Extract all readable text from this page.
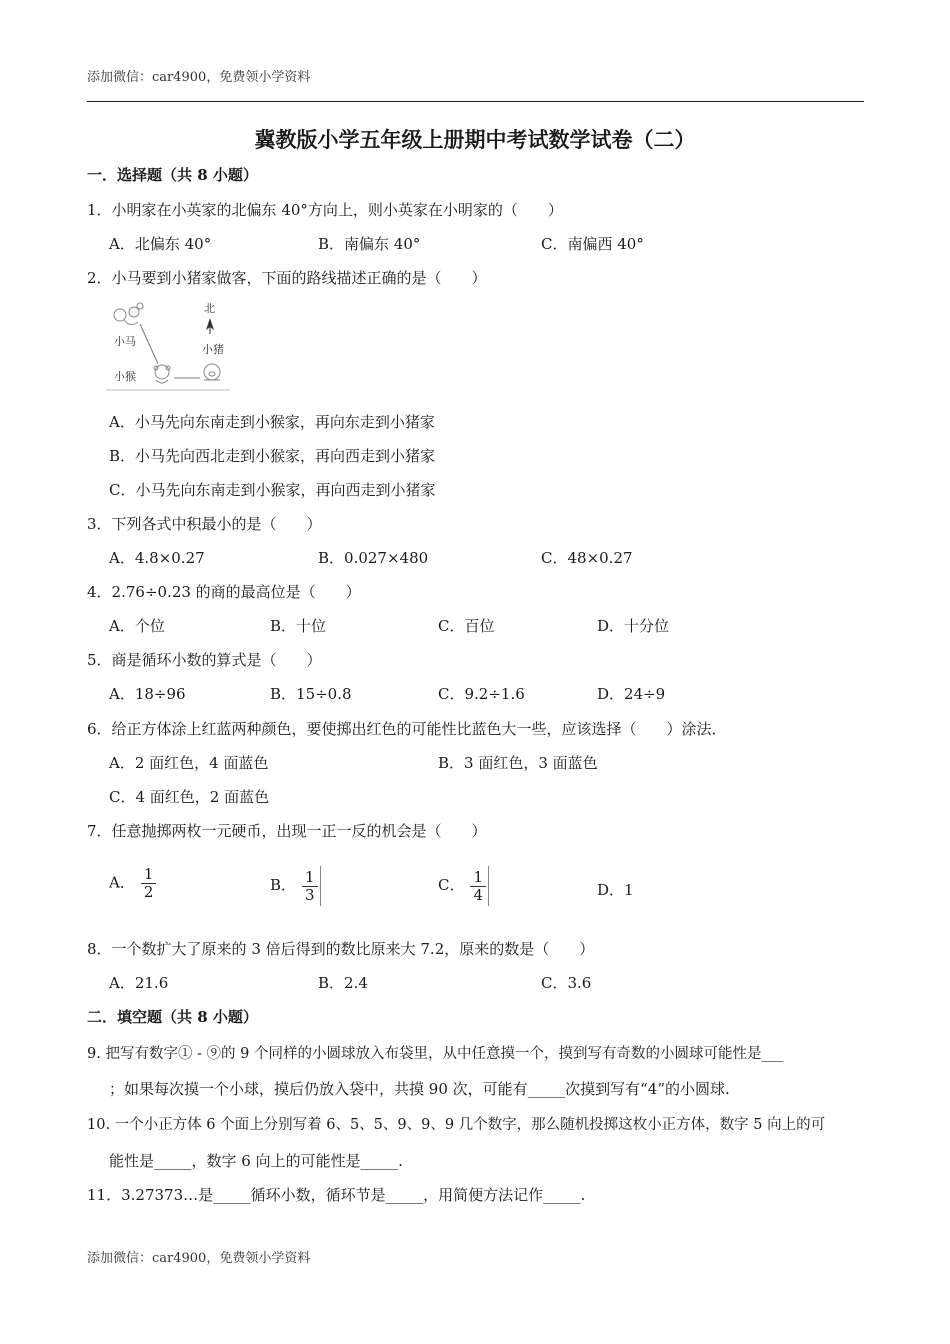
添加微信：car4900，免费领小学资料
冀教版小学五年级上册期中考试数学试卷（二）
一．选择题（共 8 小题）
1．小明家在小英家的北偏东 40°方向上，则小英家在小明家的（　　）
A．北偏东 40°	B．南偏东 40°	C．南偏西 40°
2．小马要到小猪家做客，下面的路线描述正确的是（　　）
北
小马
小猪
小猴
A．小马先向东南走到小猴家，再向东走到小猪家
B．小马先向西北走到小猴家，再向西走到小猪家
C．小马先向东南走到小猴家，再向西走到小猪家
3．下列各式中积最小的是（　　）
A．4.8×0.27	B．0.027×480	C．48×0.27
4．2.76÷0.23 的商的最高位是（　　）
A．个位	B．十位	C．百位	D．十分位
5．商是循环小数的算式是（　　）
A．18÷96	B．15÷0.8	C．9.2÷1.6	D．24÷9
6．给正方体涂上红蓝两种颜色，要使掷出红色的可能性比蓝色大一些，应该选择（　　）涂法．
A．2 面红色，4 面蓝色	B．3 面红色，3 面蓝色
C．4 面红色，2 面蓝色
7．任意抛掷两枚一元硬币，出现一正一反的机会是（　　）
A． $\frac{1}{2}$	B． $\frac{1}{3}$	C． $\frac{1}{4}$	D．1
8．一个数扩大了原来的 3 倍后得到的数比原来大 7.2，原来的数是（　　）
A．21.6	B．2.4	C．3.6
二．填空题（共 8 小题）
9. 把写有数字① - ⑨的 9 个同样的小圆球放入布袋里，从中任意摸一个，摸到写有奇数的小圆球可能性是___
；如果每次摸一个小球，摸后仍放入袋中，共摸 90 次，可能有_____次摸到写有“4”的小圆球.
10. 一个小正方体 6 个面上分别写着 6、5、5、9、9、9 几个数字，那么随机投掷这枚小正方体，数字 5 向上的可
能性是_____，数字 6 向上的可能性是_____.
11．3.27373…是_____循环小数，循环节是_____，用简便方法记作_____.
添加微信：car4900，免费领小学资料
